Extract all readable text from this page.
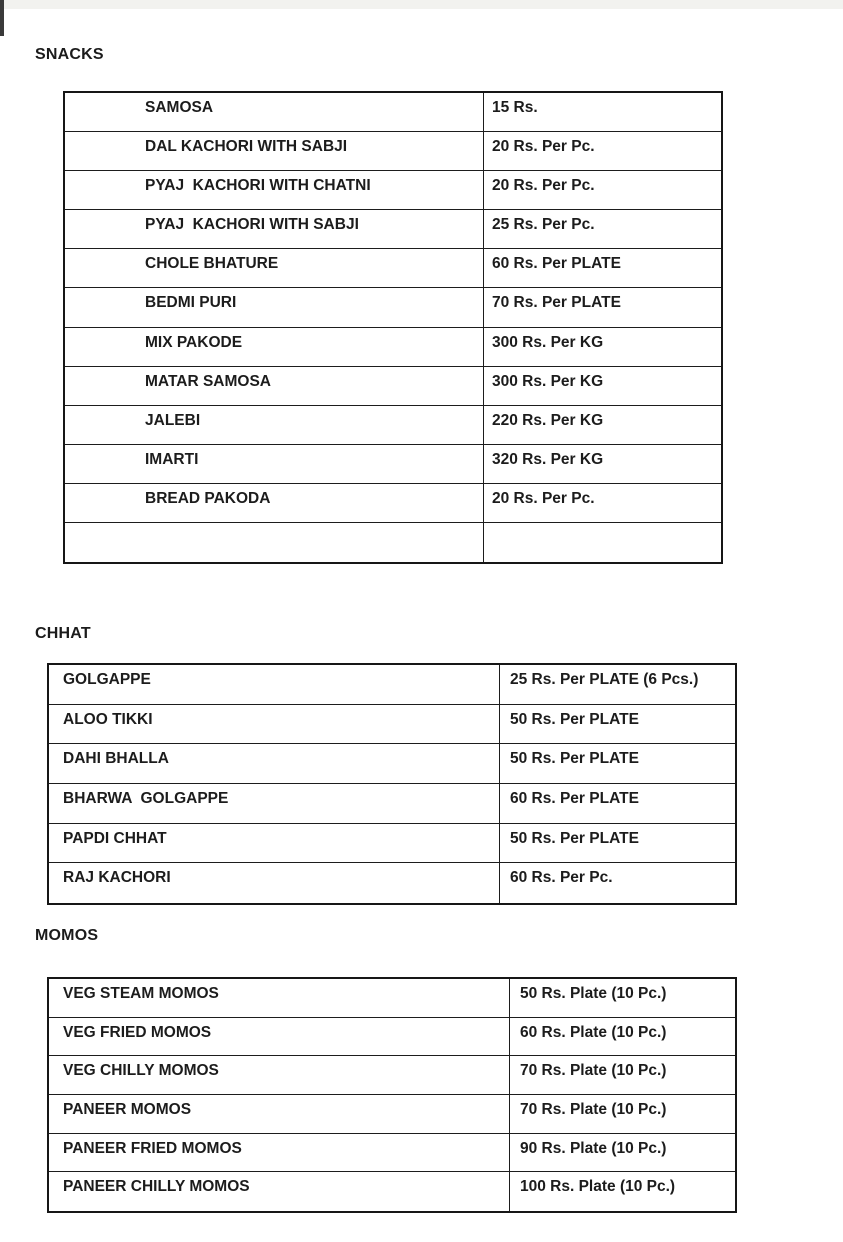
SNACKS
SAMOSA	15 Rs.
DAL KACHORI WITH SABJI	20 Rs. Per Pc.
PYAJ  KACHORI WITH CHATNI	20 Rs. Per Pc.
PYAJ  KACHORI WITH SABJI	25 Rs. Per Pc.
CHOLE BHATURE	60 Rs. Per PLATE
BEDMI PURI	70 Rs. Per PLATE
MIX PAKODE	300 Rs. Per KG
MATAR SAMOSA	300 Rs. Per KG
JALEBI	220 Rs. Per KG
IMARTI	320 Rs. Per KG
BREAD PAKODA	20 Rs. Per Pc.
CHHAT
GOLGAPPE	25 Rs. Per PLATE (6 Pcs.)
ALOO TIKKI	50 Rs. Per PLATE
DAHI BHALLA	50 Rs. Per PLATE
BHARWA  GOLGAPPE	60 Rs. Per PLATE
PAPDI CHHAT	50 Rs. Per PLATE
RAJ KACHORI	60 Rs. Per Pc.
MOMOS
VEG STEAM MOMOS	50 Rs. Plate (10 Pc.)
VEG FRIED MOMOS	60 Rs. Plate (10 Pc.)
VEG CHILLY MOMOS	70 Rs. Plate (10 Pc.)
PANEER MOMOS	70 Rs. Plate (10 Pc.)
PANEER FRIED MOMOS	90 Rs. Plate (10 Pc.)
PANEER CHILLY MOMOS	100 Rs. Plate (10 Pc.)
